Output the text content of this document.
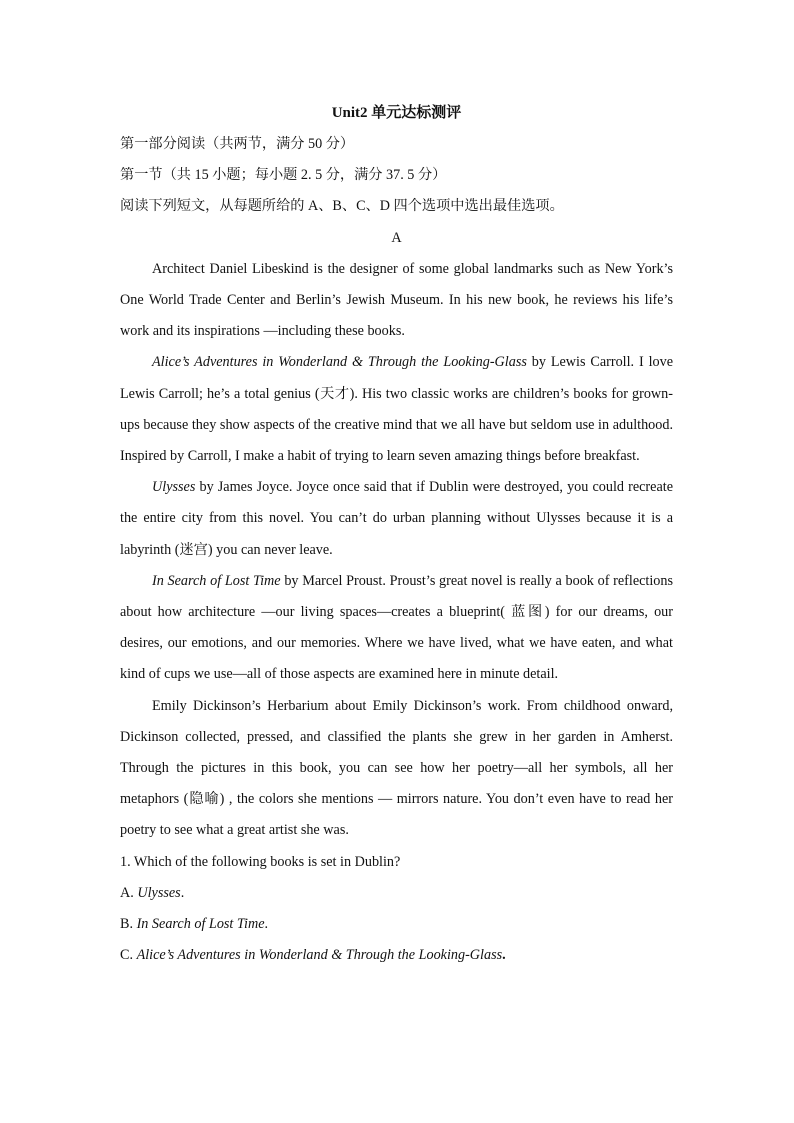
Unit2 单元达标测评

第一部分阅读（共两节，满分 50 分）

第一节（共 15 小题；每小题 2. 5 分，满分 37. 5 分）

阅读下列短文，从每题所给的 A、B、C、D 四个选项中选出最佳选项。

A

Architect Daniel Libeskind is the designer of some global landmarks such as New York’s One World Trade Center and Berlin’s Jewish Museum. In his new book, he reviews his life’s work and its inspirations —including these books.

Alice’s Adventures in Wonderland & Through the Looking-Glass by Lewis Carroll. I love Lewis Carroll; he’s a total genius (天才). His two classic works are children’s books for grown-ups because they show aspects of the creative mind that we all have but seldom use in adulthood. Inspired by Carroll, I make a habit of trying to learn seven amazing things before breakfast.

Ulysses by James Joyce. Joyce once said that if Dublin were destroyed, you could recreate the entire city from this novel. You can’t do urban planning without Ulysses because it is a labyrinth (迷宫) you can never leave.

In Search of Lost Time by Marcel Proust. Proust’s great novel is really a book of reflections about how architecture —our living spaces—creates a blueprint( 蓝图) for our dreams, our desires, our emotions, and our memories. Where we have lived, what we have eaten, and what kind of cups we use—all of those aspects are examined here in minute detail.

Emily Dickinson’s Herbarium about Emily Dickinson’s work. From childhood onward, Dickinson collected, pressed, and classified the plants she grew in her garden in Amherst. Through the pictures in this book, you can see how her poetry—all her symbols, all her metaphors (隐喻) , the colors she mentions — mirrors nature. You don’t even have to read her poetry to see what a great artist she was.

1. Which of the following books is set in Dublin?

A. Ulysses.

B. In Search of Lost Time.

C. Alice’s Adventures in Wonderland & Through the Looking-Glass.
